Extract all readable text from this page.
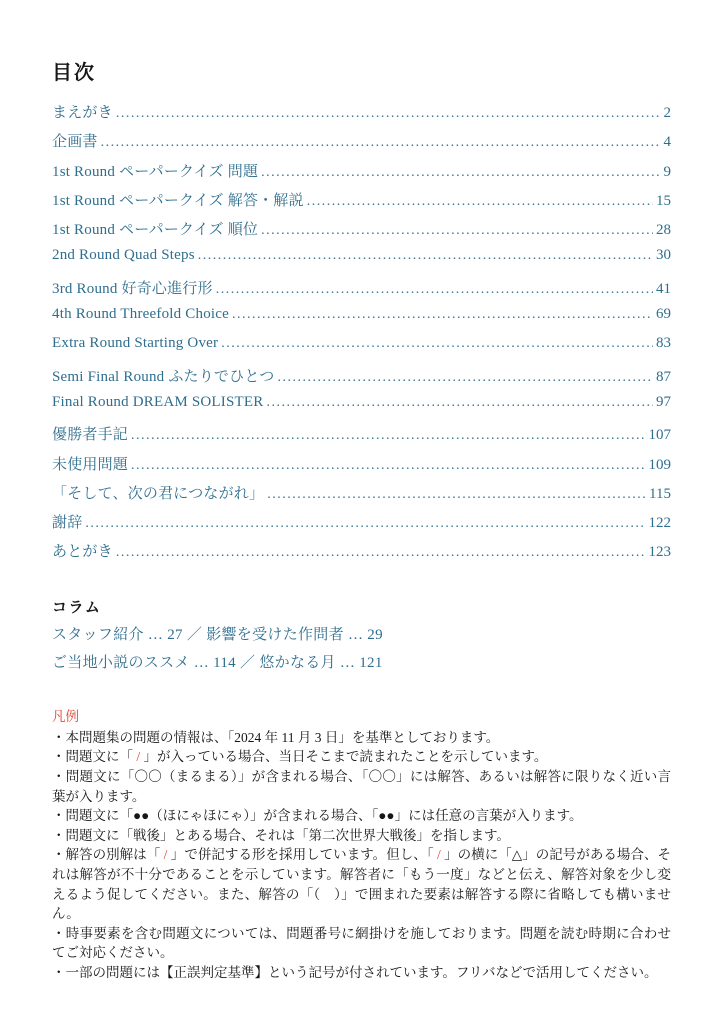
目次
まえがき .....	2
企画書 .....	4
1st Round ペーパークイズ 問題 .....	9
1st Round ペーパークイズ 解答・解説 .....	15
1st Round ペーパークイズ 順位 .....	28
2nd Round Quad Steps .....	30
3rd Round 好奇心進行形 .....	41
4th Round Threefold Choice .....	69
Extra Round Starting Over .....	83
Semi Final Round ふたりでひとつ .....	87
Final Round DREAM SOLISTER .....	97
優勝者手記 .....	107
未使用問題 .....	109
「そして、次の君につながれ」 .....	115
謝辞 .....	122
あとがき .....	123
コラム
スタッフ紹介 … 27 ／ 影響を受けた作問者 … 29
ご当地小説のススメ … 114 ／ 悠かなる月 … 121
凡例
・本問題集の問題の情報は、「2024 年 11 月 3 日」を基準としております。
・問題文に「 / 」が入っている場合、当日そこまで読まれたことを示しています。
・問題文に「〇〇（まるまる）」が含まれる場合、「〇〇」には解答、あるいは解答に限りなく近い言葉が入ります。
・問題文に「●●（ほにゃほにゃ）」が含まれる場合、「●●」には任意の言葉が入ります。
・問題文に「戦後」とある場合、それは「第二次世界大戦後」を指します。
・解答の別解は「 / 」で併記する形を採用しています。但し、「 / 」の横に「△」の記号がある場合、それは解答が不十分であることを示しています。解答者に「もう一度」などと伝え、解答対象を少し変えるよう促してください。また、解答の「（　）」で囲まれた要素は解答する際に省略しても構いません。
・時事要素を含む問題文については、問題番号に網掛けを施しております。問題を読む時期に合わせてご対応ください。
・一部の問題には【正誤判定基準】という記号が付されています。フリバなどで活用してください。
